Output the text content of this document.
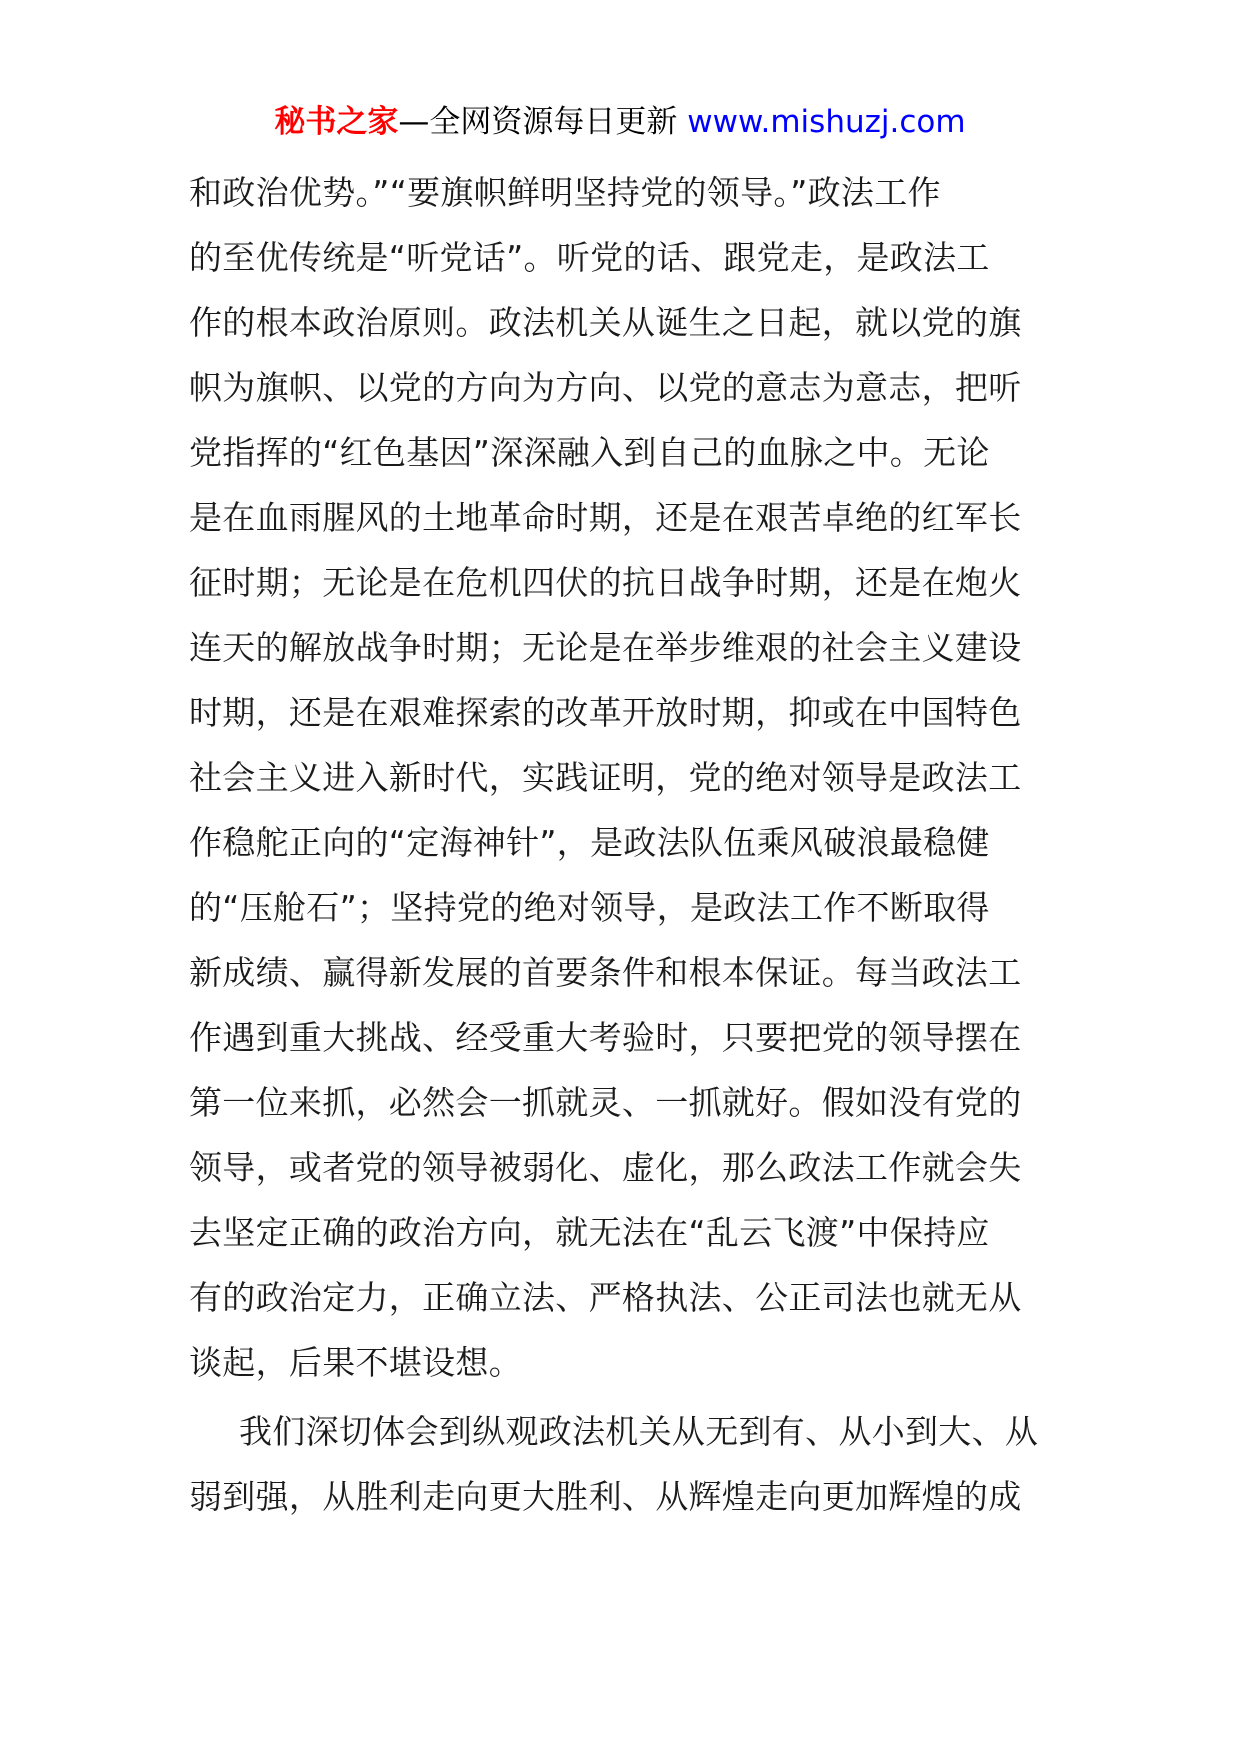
秘书之家—全网资源每日更新 www.mishuzj.com
和政治优势。”“要旗帜鲜明坚持党的领导。”政法工作
的至优传统是“听党话”。听党的话、跟党走，是政法工
作的根本政治原则。政法机关从诞生之日起，就以党的旗
帜为旗帜、以党的方向为方向、以党的意志为意志，把听
党指挥的“红色基因”深深融入到自己的血脉之中。无论
是在血雨腥风的土地革命时期，还是在艰苦卓绝的红军长
征时期；无论是在危机四伏的抗日战争时期，还是在炮火
连天的解放战争时期；无论是在举步维艰的社会主义建设
时期，还是在艰难探索的改革开放时期，抑或在中国特色
社会主义进入新时代，实践证明，党的绝对领导是政法工
作稳舵正向的“定海神针”，是政法队伍乘风破浪最稳健
的“压舱石”；坚持党的绝对领导，是政法工作不断取得
新成绩、赢得新发展的首要条件和根本保证。每当政法工
作遇到重大挑战、经受重大考验时，只要把党的领导摆在
第一位来抓，必然会一抓就灵、一抓就好。假如没有党的
领导，或者党的领导被弱化、虚化，那么政法工作就会失
去坚定正确的政治方向，就无法在“乱云飞渡”中保持应
有的政治定力，正确立法、严格执法、公正司法也就无从
谈起，后果不堪设想。
我们深切体会到纵观政法机关从无到有、从小到大、从
弱到强，从胜利走向更大胜利、从辉煌走向更加辉煌的成
